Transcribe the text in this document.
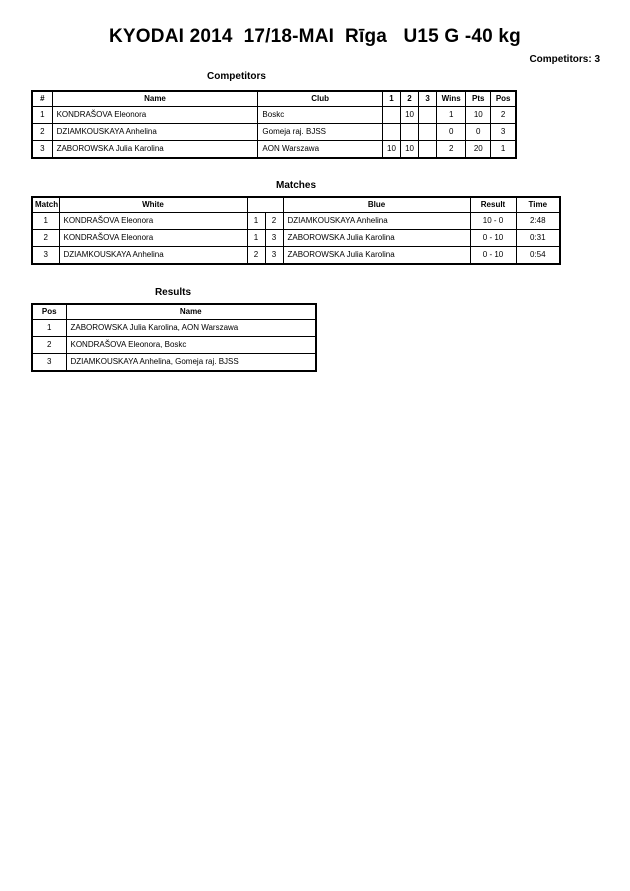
KYODAI 2014  17/18-MAI  Rīga   U15 G -40 kg
Competitors: 3
Competitors
#	Name	Club	1	2	3	Wins	Pts	Pos
1	KONDRAŠOVA Eleonora	Boskc		10		1	10	2
2	DZIAMKOUSKAYA Anhelina	Gomeja raj. BJSS				0	0	3
3	ZABOROWSKA Julia Karolina	AON Warszawa	10	10		2	20	1
Matches
Match	White			Blue	Result	Time
1	KONDRAŠOVA Eleonora	1	2	DZIAMKOUSKAYA Anhelina	10 - 0	2:48
2	KONDRAŠOVA Eleonora	1	3	ZABOROWSKA Julia Karolina	0 - 10	0:31
3	DZIAMKOUSKAYA Anhelina	2	3	ZABOROWSKA Julia Karolina	0 - 10	0:54
Results
Pos	Name
1	ZABOROWSKA Julia Karolina, AON Warszawa
2	KONDRAŠOVA Eleonora, Boskc
3	DZIAMKOUSKAYA Anhelina, Gomeja raj. BJSS
